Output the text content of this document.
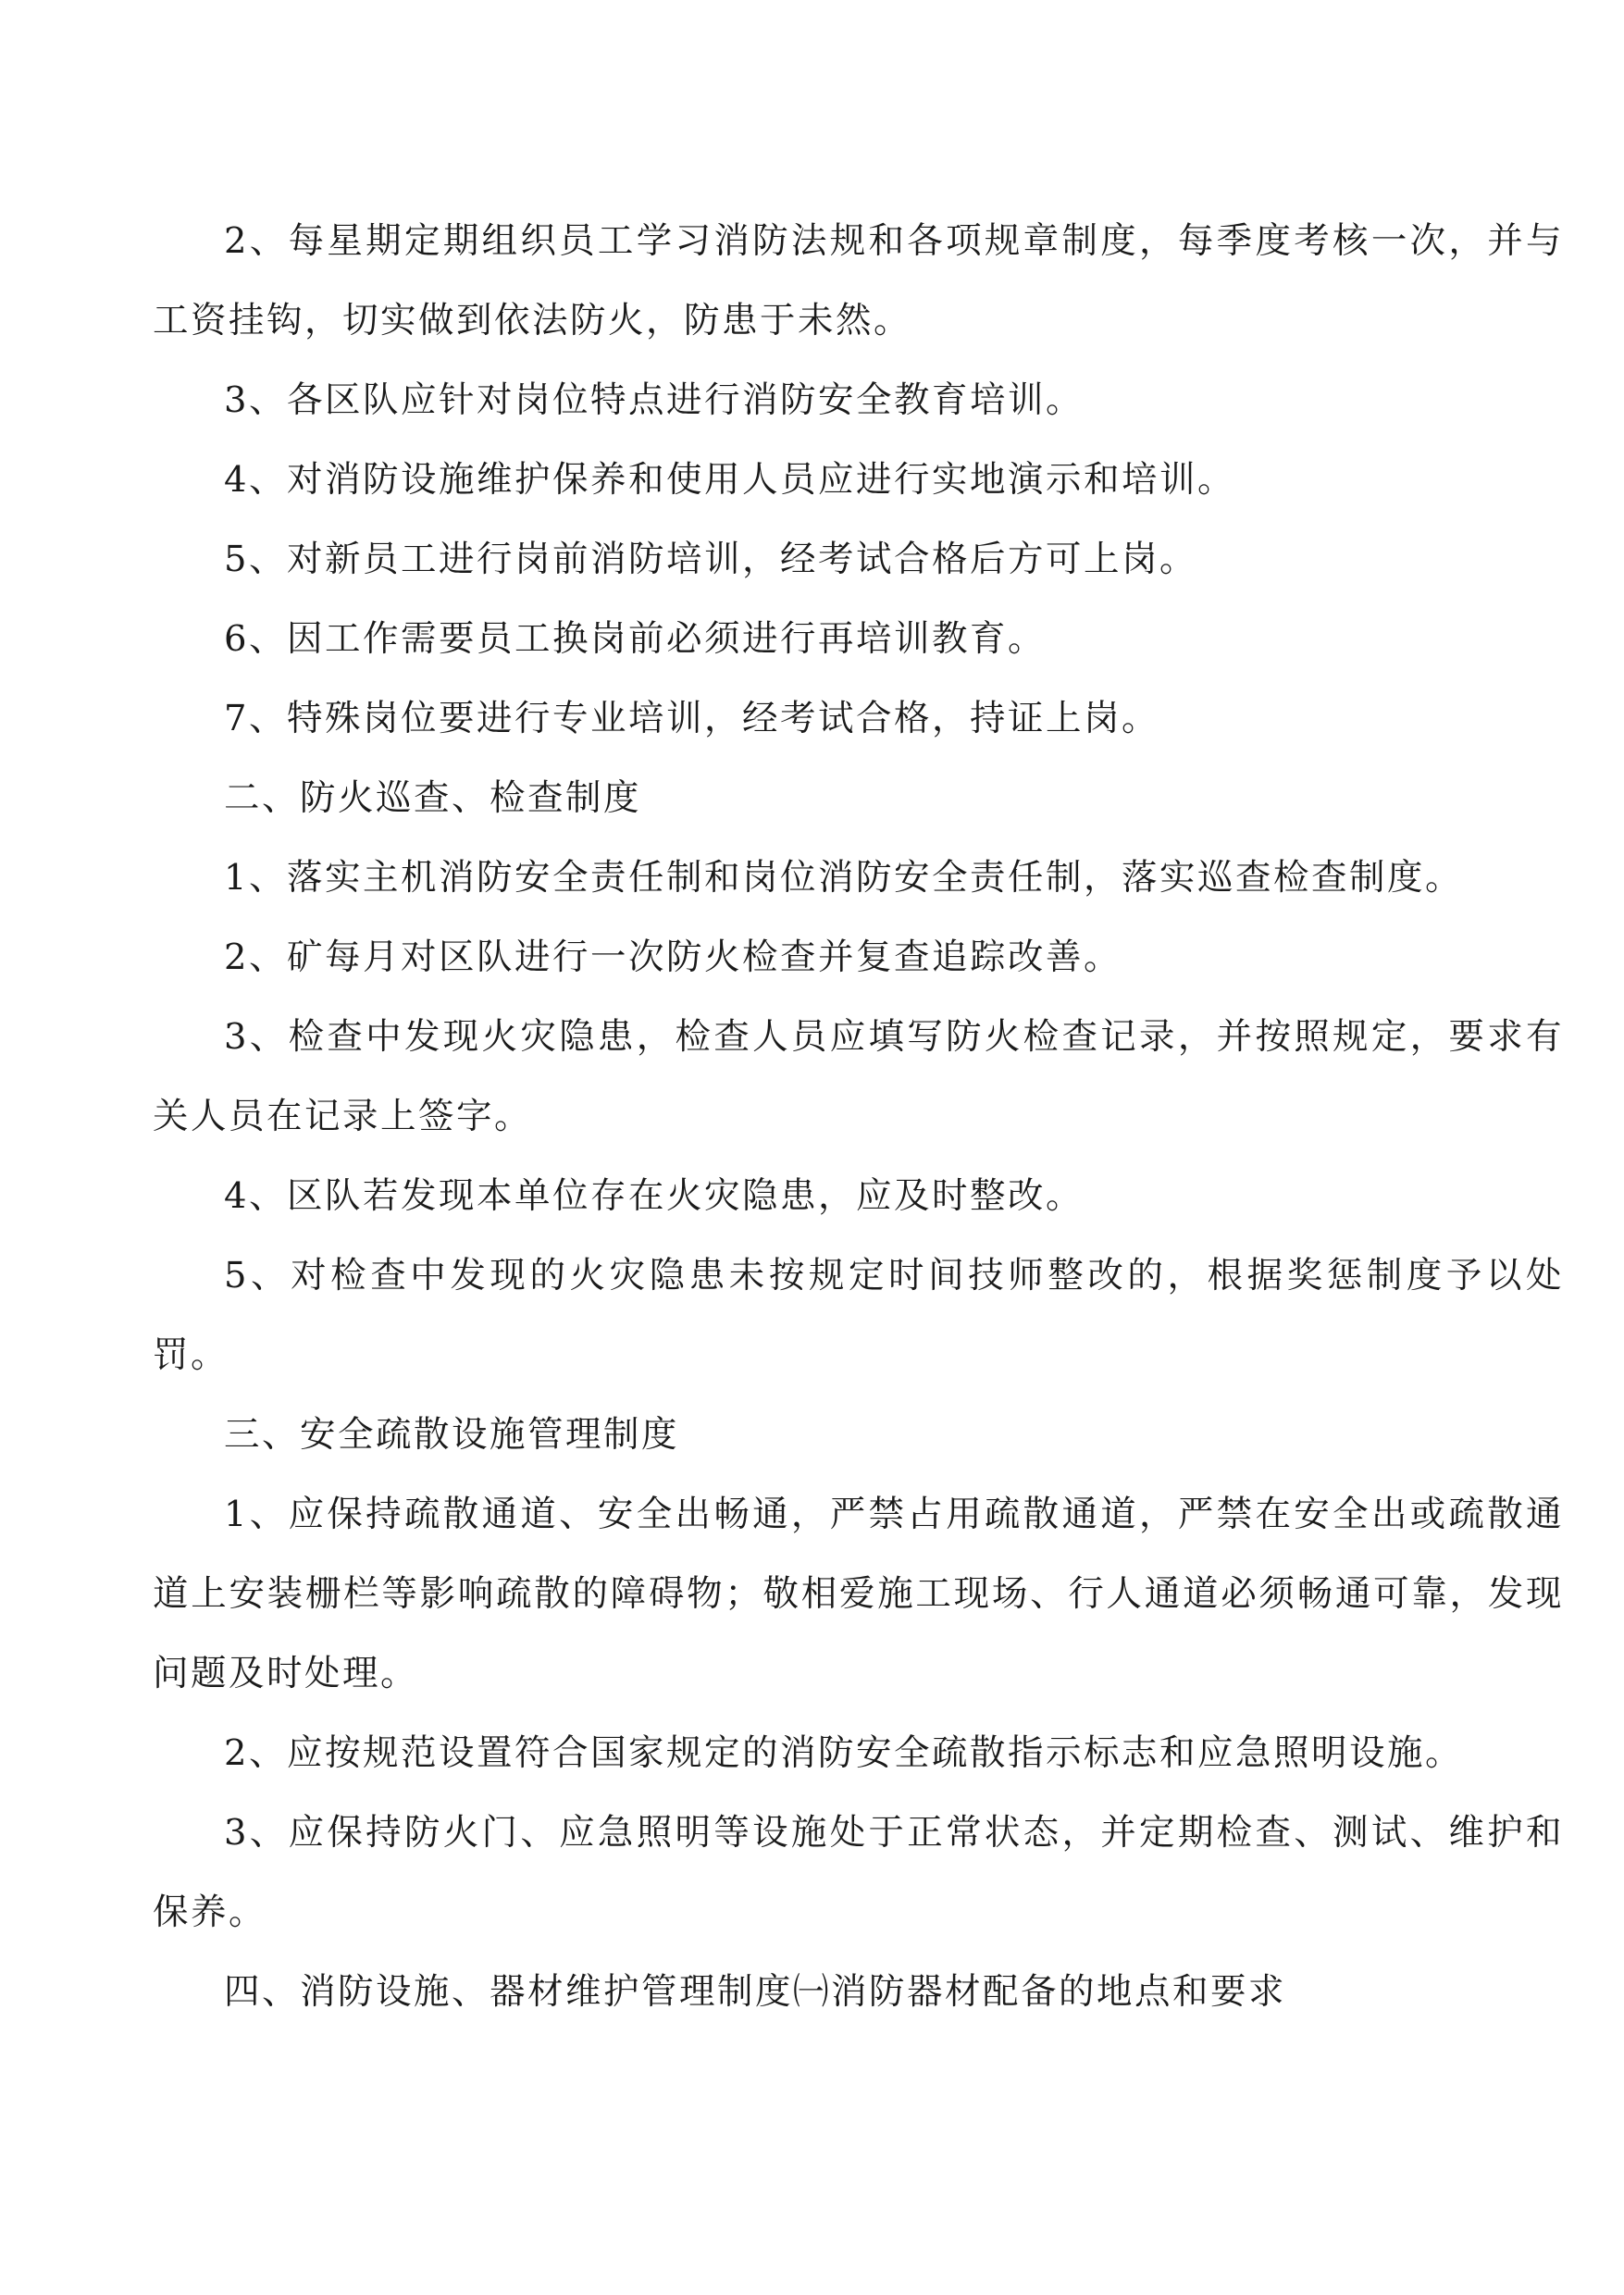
2、每星期定期组织员工学习消防法规和各项规章制度，每季度考核一次，并与工资挂钩，切实做到依法防火，防患于未然。

3、各区队应针对岗位特点进行消防安全教育培训。

4、对消防设施维护保养和使用人员应进行实地演示和培训。

5、对新员工进行岗前消防培训，经考试合格后方可上岗。

6、因工作需要员工换岗前必须进行再培训教育。

7、特殊岗位要进行专业培训，经考试合格，持证上岗。

二、防火巡查、检查制度

1、落实主机消防安全责任制和岗位消防安全责任制，落实巡查检查制度。

2、矿每月对区队进行一次防火检查并复查追踪改善。

3、检查中发现火灾隐患，检查人员应填写防火检查记录，并按照规定，要求有关人员在记录上签字。

4、区队若发现本单位存在火灾隐患，应及时整改。

5、对检查中发现的火灾隐患未按规定时间技师整改的，根据奖惩制度予以处罚。

三、安全疏散设施管理制度

1、应保持疏散通道、安全出畅通，严禁占用疏散通道，严禁在安全出或疏散通道上安装栅栏等影响疏散的障碍物；敬相爱施工现场、行人通道必须畅通可靠，发现问题及时处理。

2、应按规范设置符合国家规定的消防安全疏散指示标志和应急照明设施。

3、应保持防火门、应急照明等设施处于正常状态，并定期检查、测试、维护和保养。

四、消防设施、器材维护管理制度㈠消防器材配备的地点和要求
